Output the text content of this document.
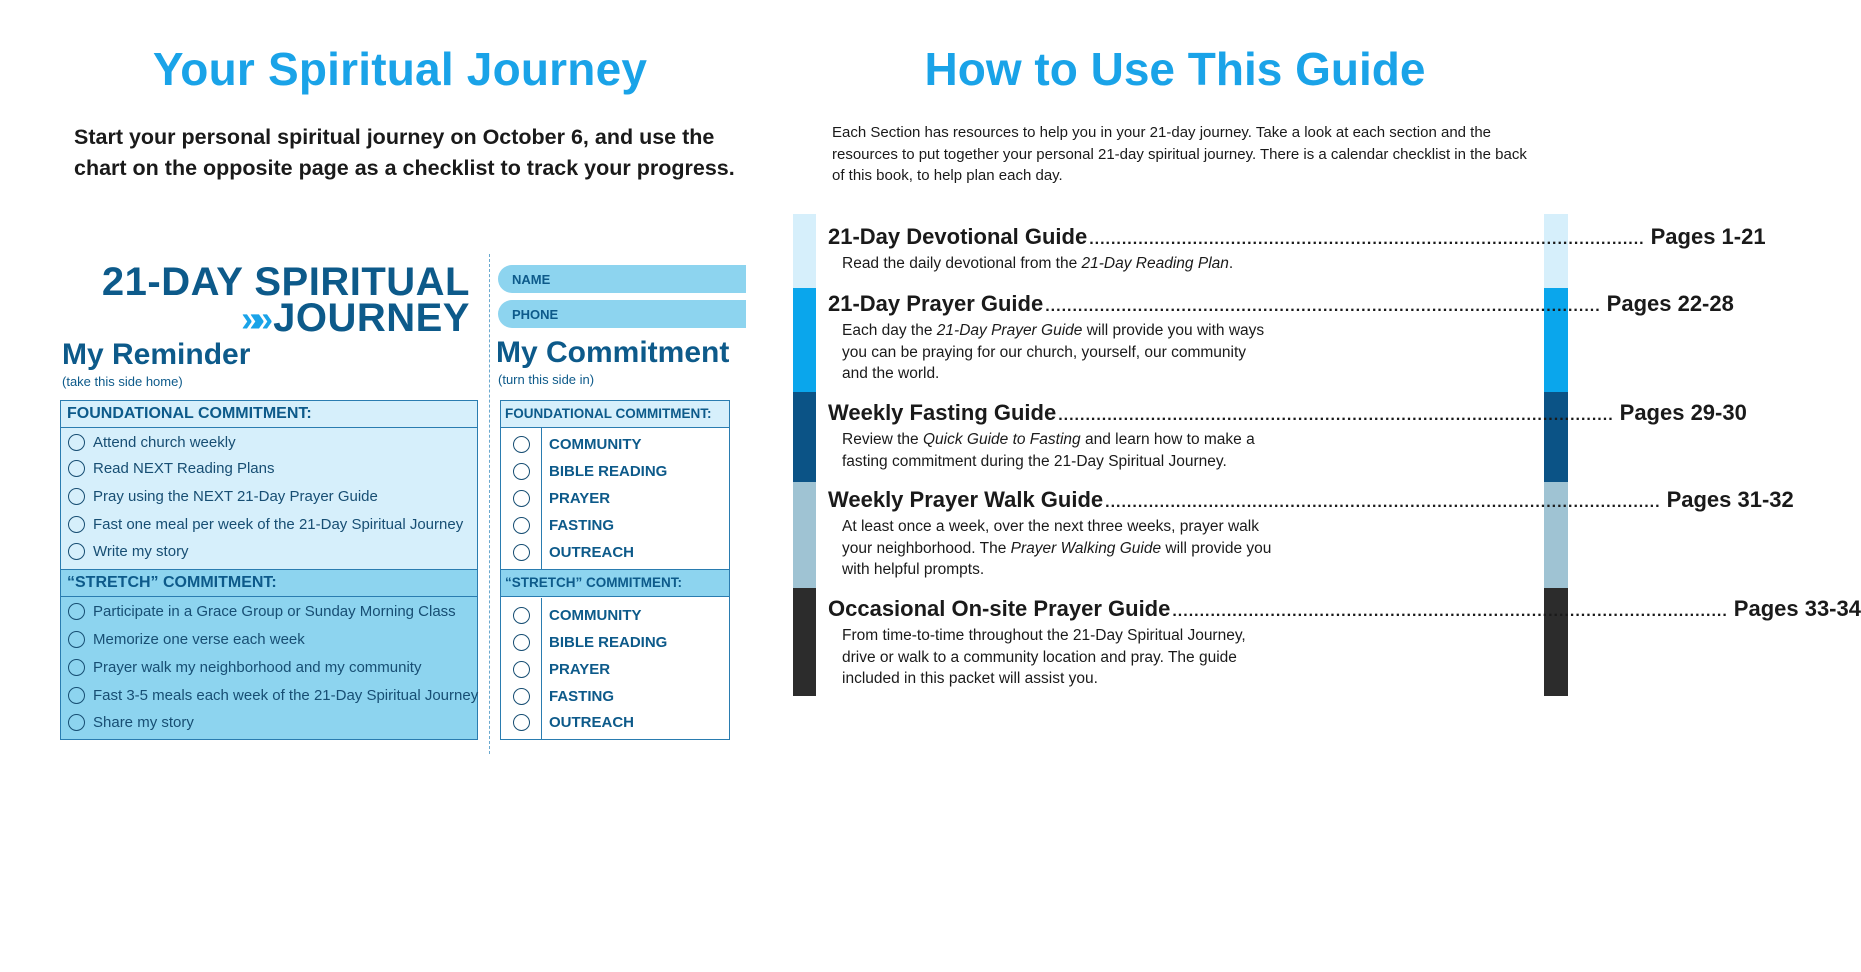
Your Spiritual Journey
Start your personal spiritual journey on October 6, and use the chart on the opposite page as a checklist to track your progress.
21-DAY SPIRITUAL
»» JOURNEY
My Reminder
(take this side home)
NAME
PHONE
My Commitment
(turn this side in)
FOUNDATIONAL COMMITMENT:
Attend church weekly
Read NEXT Reading Plans
Pray using the NEXT 21-Day Prayer Guide
Fast one meal per week of the 21-Day Spiritual Journey
Write my story
“STRETCH” COMMITMENT:
Participate in a Grace Group or Sunday Morning Class
Memorize one verse each week
Prayer walk my neighborhood and my community
Fast 3-5 meals each week of the 21-Day Spiritual Journey
Share my story
FOUNDATIONAL COMMITMENT:
COMMUNITY
BIBLE READING
PRAYER
FASTING
OUTREACH
“STRETCH” COMMITMENT:
COMMUNITY
BIBLE READING
PRAYER
FASTING
OUTREACH
How to Use This Guide
Each Section has resources to help you in your 21-day journey. Take a look at each section and the resources to put together your personal 21-day spiritual journey. There is a calendar checklist in the back of this book, to help plan each day.
21-Day Devotional Guide ...................................................................................................... Pages 1-21
Read the daily devotional from the 21-Day Reading Plan.
21-Day Prayer Guide ...................................................................................................... Pages 22-28
Each day the 21-Day Prayer Guide will provide you with ways you can be praying for our church, yourself, our community and the world.
Weekly Fasting Guide ...................................................................................................... Pages 29-30
Review the Quick Guide to Fasting and learn how to make a fasting commitment during the 21-Day Spiritual Journey.
Weekly Prayer Walk Guide ...................................................................................................... Pages 31-32
At least once a week, over the next three weeks, prayer walk your neighborhood. The Prayer Walking Guide will provide you with helpful prompts.
Occasional On-site Prayer Guide ...................................................................................................... Pages 33-34
From time-to-time throughout the 21-Day Spiritual Journey, drive or walk to a community location and pray. The guide included in this packet will assist you.
